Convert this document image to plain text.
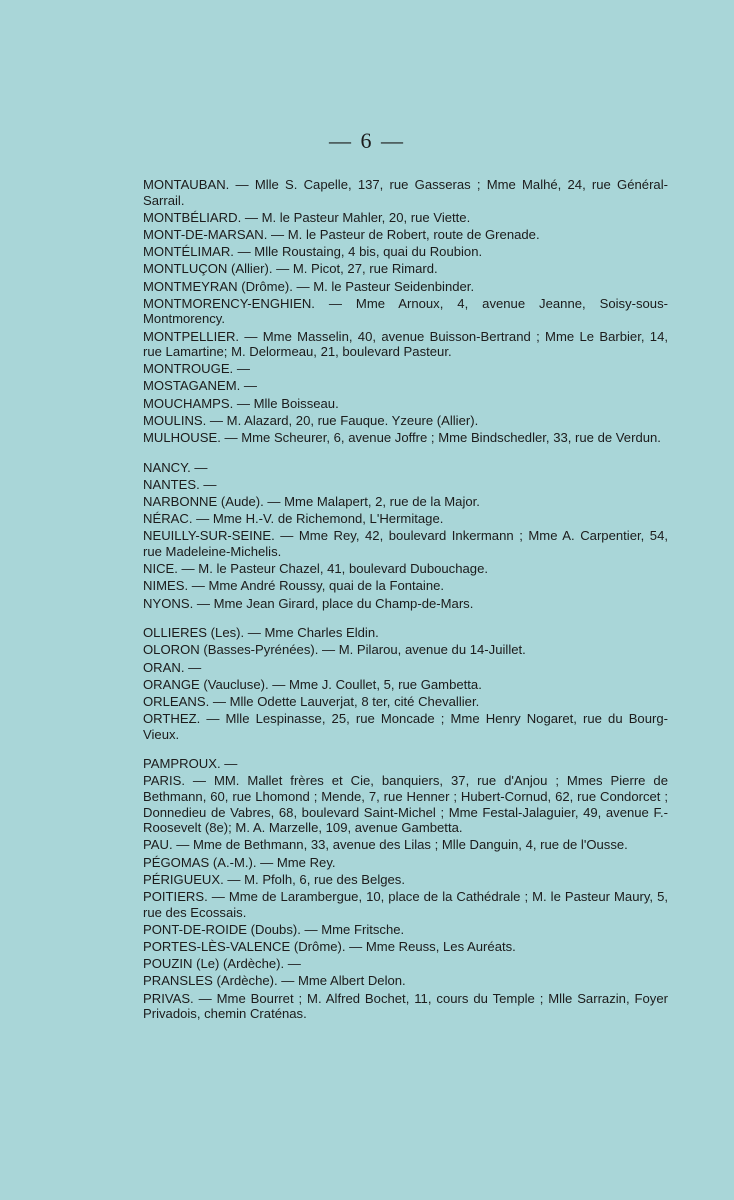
— 6 —
MONTAUBAN. — Mlle S. Capelle, 137, rue Gasseras ; Mme Malhé, 24, rue Général-Sarrail.
MONTBÉLIARD. — M. le Pasteur Mahler, 20, rue Viette.
MONT-DE-MARSAN. — M. le Pasteur de Robert, route de Grenade.
MONTÉLIMAR. — Mlle Roustaing, 4 bis, quai du Roubion.
MONTLUÇON (Allier). — M. Picot, 27, rue Rimard.
MONTMEYRAN (Drôme). — M. le Pasteur Seidenbinder.
MONTMORENCY-ENGHIEN. — Mme Arnoux, 4, avenue Jeanne, Soisy-sous-Montmorency.
MONTPELLIER. — Mme Masselin, 40, avenue Buisson-Bertrand ; Mme Le Barbier, 14, rue Lamartine; M. Delormeau, 21, boulevard Pasteur.
MONTROUGE. —
MOSTAGANEM. —
MOUCHAMPS. — Mlle Boisseau.
MOULINS. — M. Alazard, 20, rue Fauque. Yzeure (Allier).
MULHOUSE. — Mme Scheurer, 6, avenue Joffre ; Mme Bindschedler, 33, rue de Verdun.
NANCY. —
NANTES. —
NARBONNE (Aude). — Mme Malapert, 2, rue de la Major.
NÉRAC. — Mme H.-V. de Richemond, L'Hermitage.
NEUILLY-SUR-SEINE. — Mme Rey, 42, boulevard Inkermann ; Mme A. Carpentier, 54, rue Madeleine-Michelis.
NICE. — M. le Pasteur Chazel, 41, boulevard Dubouchage.
NIMES. — Mme André Roussy, quai de la Fontaine.
NYONS. — Mme Jean Girard, place du Champ-de-Mars.
OLLIERES (Les). — Mme Charles Eldin.
OLORON (Basses-Pyrénées). — M. Pilarou, avenue du 14-Juillet.
ORAN. —
ORANGE (Vaucluse). — Mme J. Coullet, 5, rue Gambetta.
ORLEANS. — Mlle Odette Lauverjat, 8 ter, cité Chevallier.
ORTHEZ. — Mlle Lespinasse, 25, rue Moncade ; Mme Henry Nogaret, rue du Bourg-Vieux.
PAMPROUX. —
PARIS. — MM. Mallet frères et Cie, banquiers, 37, rue d'Anjou ; Mmes Pierre de Bethmann, 60, rue Lhomond ; Mende, 7, rue Henner ; Hubert-Cornud, 62, rue Condorcet ; Donnedieu de Vabres, 68, boulevard Saint-Michel ; Mme Festal-Jalaguier, 49, avenue F.-Roosevelt (8e); M. A. Marzelle, 109, avenue Gambetta.
PAU. — Mme de Bethmann, 33, avenue des Lilas ; Mlle Danguin, 4, rue de l'Ousse.
PÉGOMAS (A.-M.). — Mme Rey.
PÉRIGUEUX. — M. Pfolh, 6, rue des Belges.
POITIERS. — Mme de Larambergue, 10, place de la Cathédrale ; M. le Pasteur Maury, 5, rue des Ecossais.
PONT-DE-ROIDE (Doubs). — Mme Fritsche.
PORTES-LÈS-VALENCE (Drôme). — Mme Reuss, Les Auréats.
POUZIN (Le) (Ardèche). —
PRANSLES (Ardèche). — Mme Albert Delon.
PRIVAS. — Mme Bourret ; M. Alfred Bochet, 11, cours du Temple ; Mlle Sarrazin, Foyer Privadois, chemin Craténas.
